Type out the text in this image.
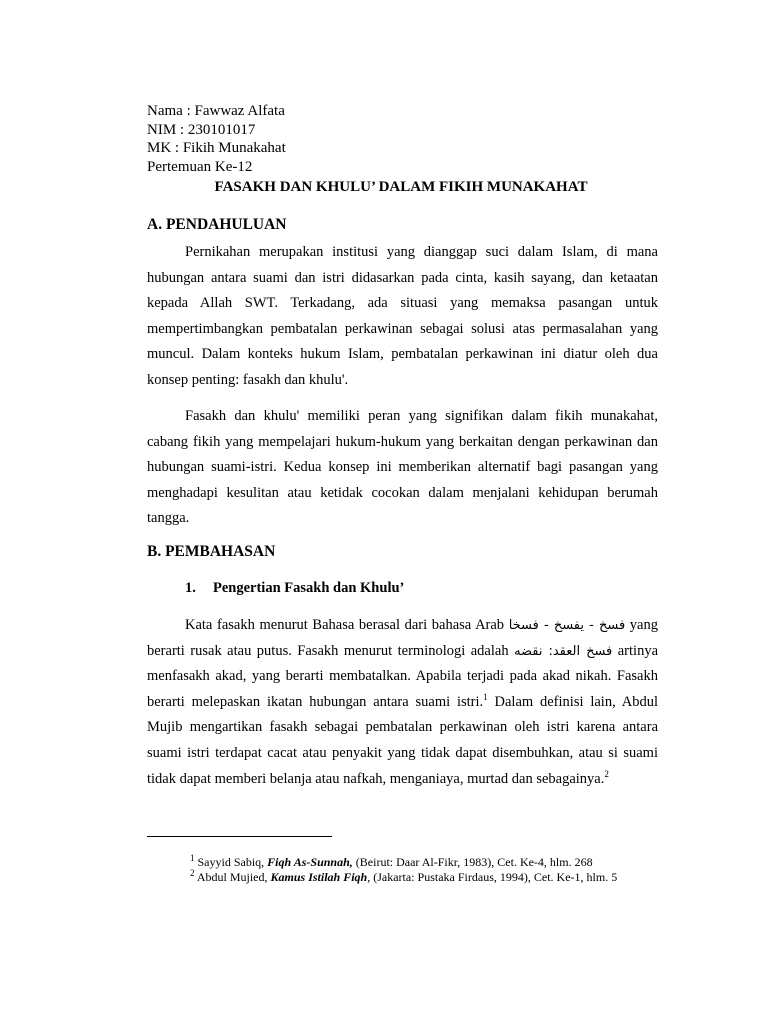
Nama : Fawwaz Alfata
NIM : 230101017
MK : Fikih Munakahat
Pertemuan Ke-12
FASAKH DAN KHULU’ DALAM FIKIH MUNAKAHAT
A. PENDAHULUAN

Pernikahan merupakan institusi yang dianggap suci dalam Islam, di mana hubungan antara suami dan istri didasarkan pada cinta, kasih sayang, dan ketaatan kepada Allah SWT. Terkadang, ada situasi yang memaksa pasangan untuk mempertimbangkan pembatalan perkawinan sebagai solusi atas permasalahan yang muncul. Dalam konteks hukum Islam, pembatalan perkawinan ini diatur oleh dua konsep penting: fasakh dan khulu'.

Fasakh dan khulu' memiliki peran yang signifikan dalam fikih munakahat, cabang fikih yang mempelajari hukum-hukum yang berkaitan dengan perkawinan dan hubungan suami-istri. Kedua konsep ini memberikan alternatif bagi pasangan yang menghadapi kesulitan atau ketidak cocokan dalam menjalani kehidupan berumah tangga.

B. PEMBAHASAN
1. Pengertian Fasakh dan Khulu’

Kata fasakh menurut Bahasa berasal dari bahasa Arab فسخ - يفسخ - فسخا yang berarti rusak atau putus. Fasakh menurut terminologi adalah فسخ العقد: نقضه artinya menfasakh akad, yang berarti membatalkan. Apabila terjadi pada akad nikah. Fasakh berarti melepaskan ikatan hubungan antara suami istri.$^1$ Dalam definisi lain, Abdul Mujib mengartikan fasakh sebagai pembatalan perkawinan oleh istri karena antara suami istri terdapat cacat atau penyakit yang tidak dapat disembuhkan, atau si suami tidak dapat memberi belanja atau nafkah, menganiaya, murtad dan sebagainya.$^2$

$^1$ Sayyid Sabiq, Fiqh As-Sunnah, (Beirut: Daar Al-Fikr, 1983), Cet. Ke-4, hlm. 268
$^2$ Abdul Mujied, Kamus Istilah Fiqh, (Jakarta: Pustaka Firdaus, 1994), Cet. Ke-1, hlm. 5
